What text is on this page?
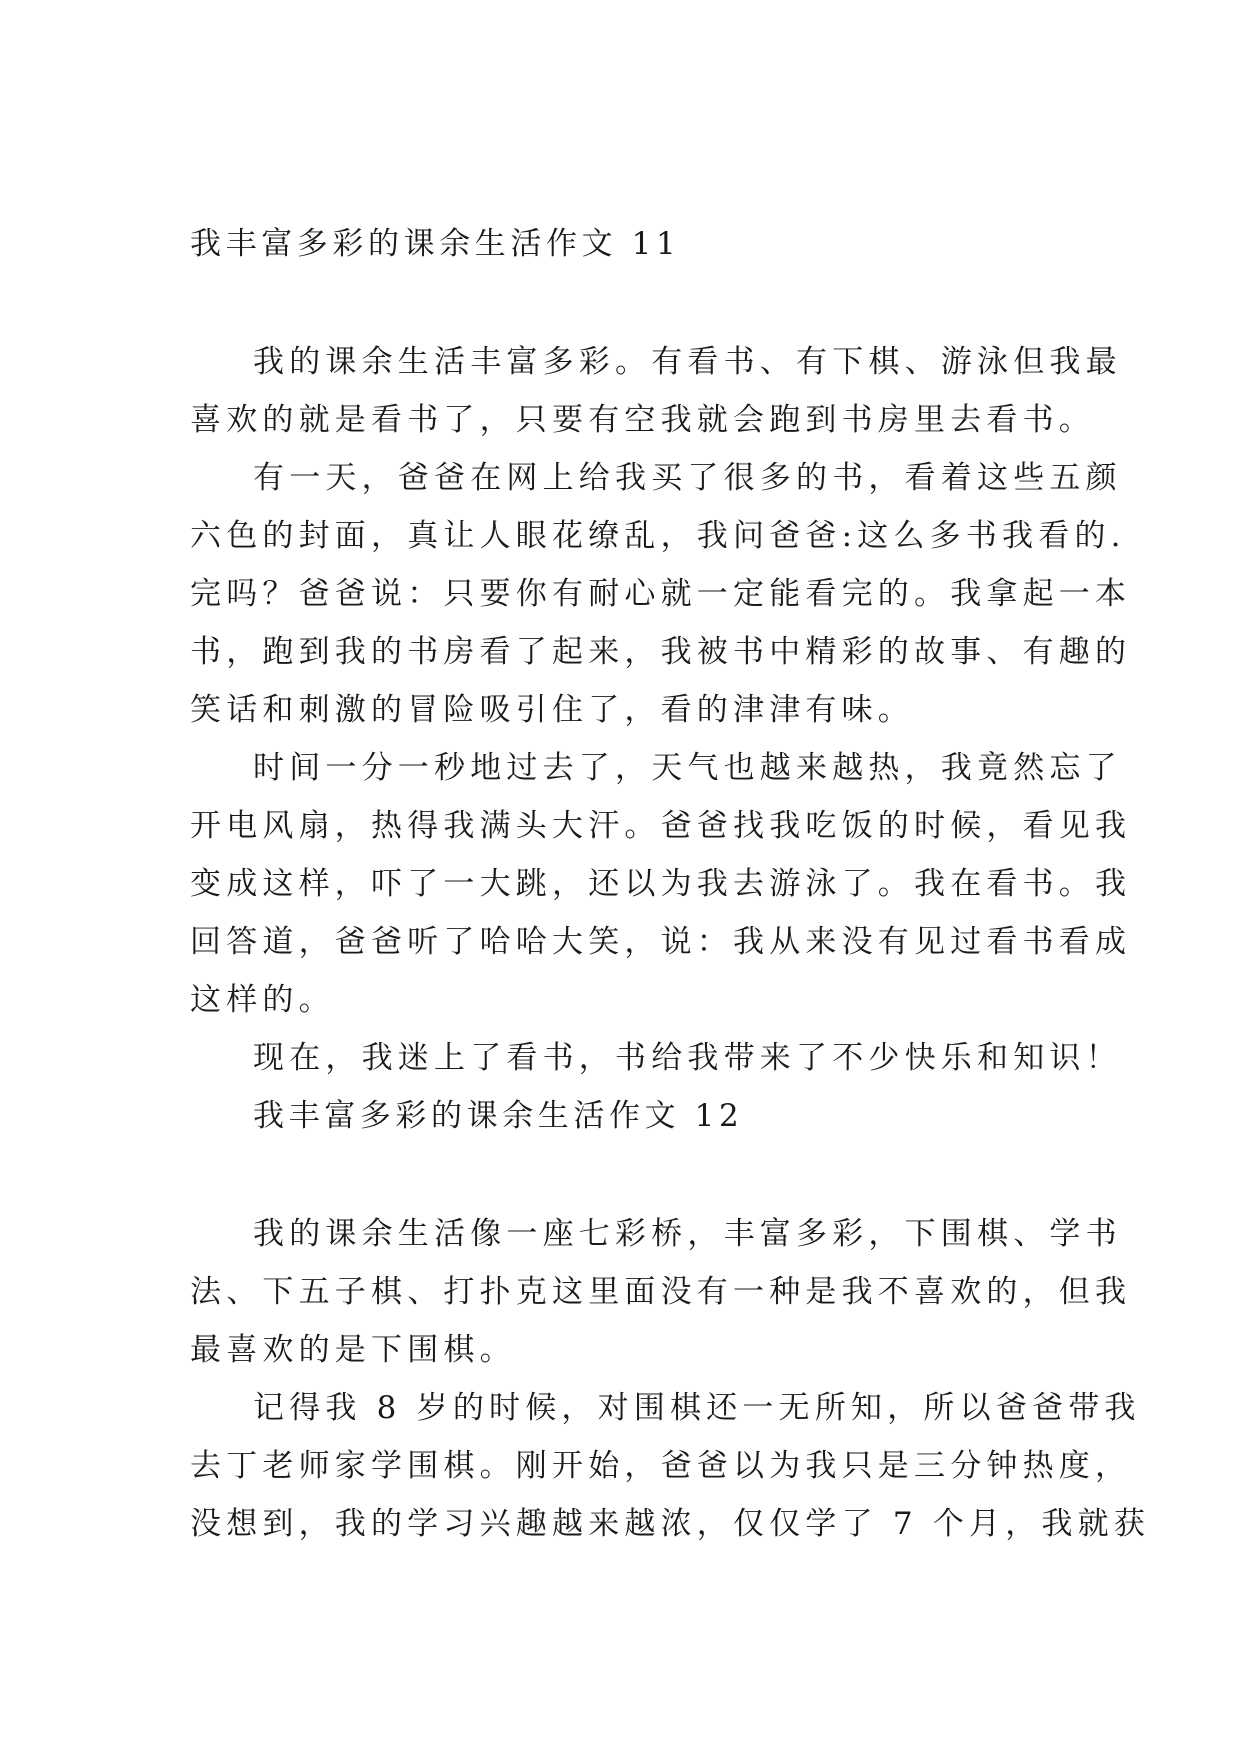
我丰富多彩的课余生活作文 11

我的课余生活丰富多彩。有看书、有下棋、游泳但我最

喜欢的就是看书了，只要有空我就会跑到书房里去看书。

有一天，爸爸在网上给我买了很多的书，看着这些五颜

六色的封面，真让人眼花缭乱，我问爸爸:这么多书我看的.

完吗？爸爸说：只要你有耐心就一定能看完的。我拿起一本

书，跑到我的书房看了起来，我被书中精彩的故事、有趣的

笑话和刺激的冒险吸引住了，看的津津有味。

时间一分一秒地过去了，天气也越来越热，我竟然忘了

开电风扇，热得我满头大汗。爸爸找我吃饭的时候，看见我

变成这样，吓了一大跳，还以为我去游泳了。我在看书。我

回答道，爸爸听了哈哈大笑，说：我从来没有见过看书看成

这样的。

现在，我迷上了看书，书给我带来了不少快乐和知识！

我丰富多彩的课余生活作文 12

我的课余生活像一座七彩桥，丰富多彩，下围棋、学书

法、下五子棋、打扑克这里面没有一种是我不喜欢的，但我

最喜欢的是下围棋。

记得我 8 岁的时候，对围棋还一无所知，所以爸爸带我

去丁老师家学围棋。刚开始，爸爸以为我只是三分钟热度，

没想到，我的学习兴趣越来越浓，仅仅学了 7 个月，我就获
